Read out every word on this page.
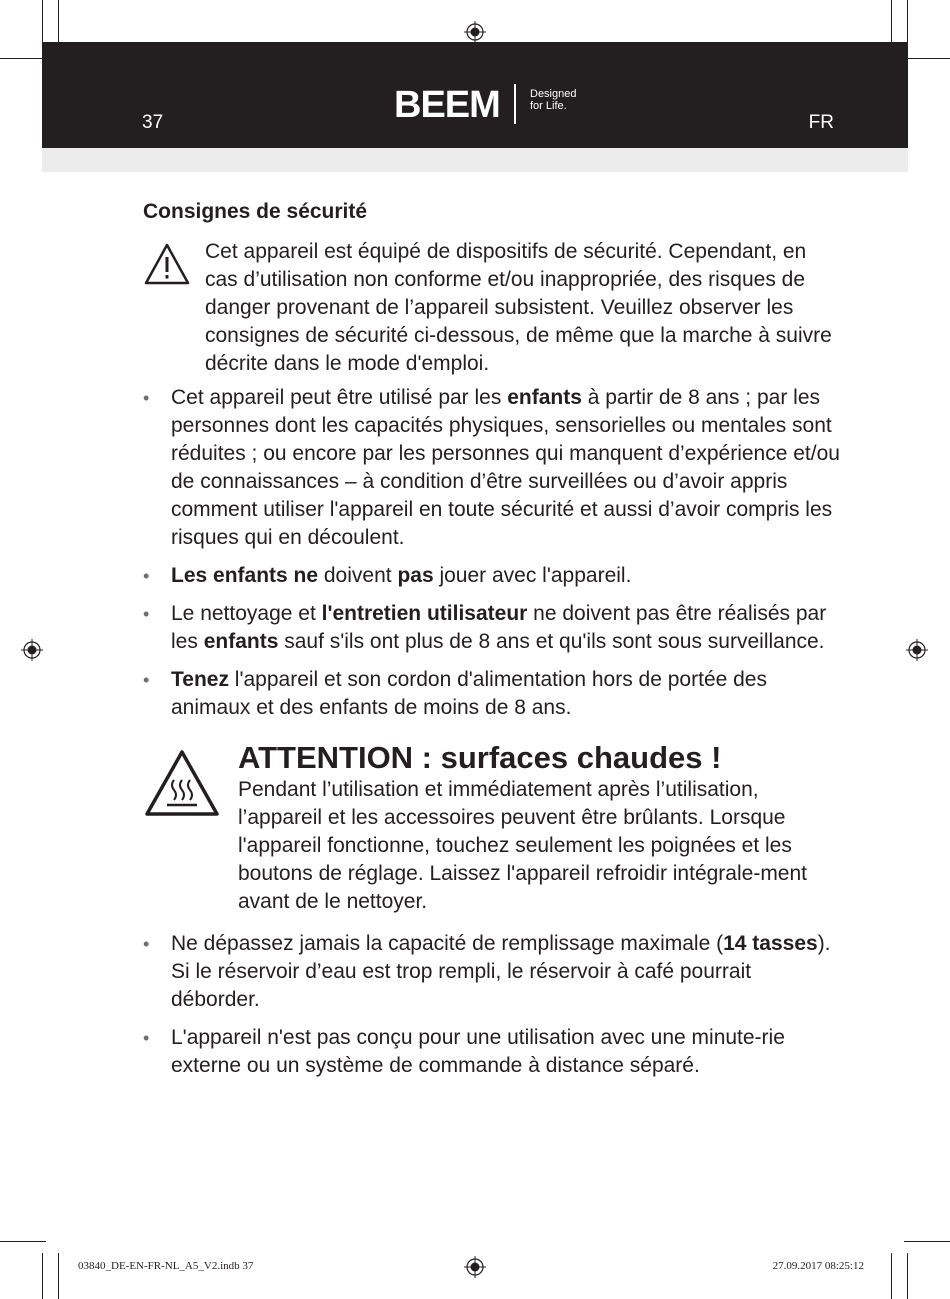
37	BEEM	Designed
for Life.
FR
Consignes de sécurité
Cet appareil est équipé de dispositifs de sécurité. Cependant, en cas d’utilisation non conforme et/ou inappropriée, des risques de danger provenant de l’appareil subsistent. Veuillez observer les consignes de sécurité ci-dessous, de même que la marche à suivre décrite dans le mode d'emploi.
• Cet appareil peut être utilisé par les enfants à partir de 8 ans ; par les personnes dont les capacités physiques, sensorielles ou mentales sont réduites ; ou encore par les personnes qui manquent d’expérience et/ou de connaissances – à condition d’être surveillées ou d’avoir appris comment utiliser l'appareil en toute sécurité et aussi d’avoir compris les risques qui en découlent.
• Les enfants ne doivent pas jouer avec l'appareil.
• Le nettoyage et l'entretien utilisateur ne doivent pas être réalisés par les enfants sauf s'ils ont plus de 8 ans et qu'ils sont sous surveillance.
• Tenez l'appareil et son cordon d'alimentation hors de portée des animaux et des enfants de moins de 8 ans.
ATTENTION : surfaces chaudes !
Pendant l’utilisation et immédiatement après l’utilisation, l’appareil et les accessoires peuvent être brûlants. Lorsque l'appareil fonctionne, touchez seulement les poignées et les boutons de réglage. Laissez l'appareil refroidir intégrale-ment avant de le nettoyer.
• Ne dépassez jamais la capacité de remplissage maximale (14 tasses). Si le réservoir d’eau est trop rempli, le réservoir à café pourrait déborder.
• L'appareil n'est pas conçu pour une utilisation avec une minute-rie externe ou un système de commande à distance séparé.
03840_DE-EN-FR-NL_A5_V2.indb 37	27.09.2017 08:25:12
